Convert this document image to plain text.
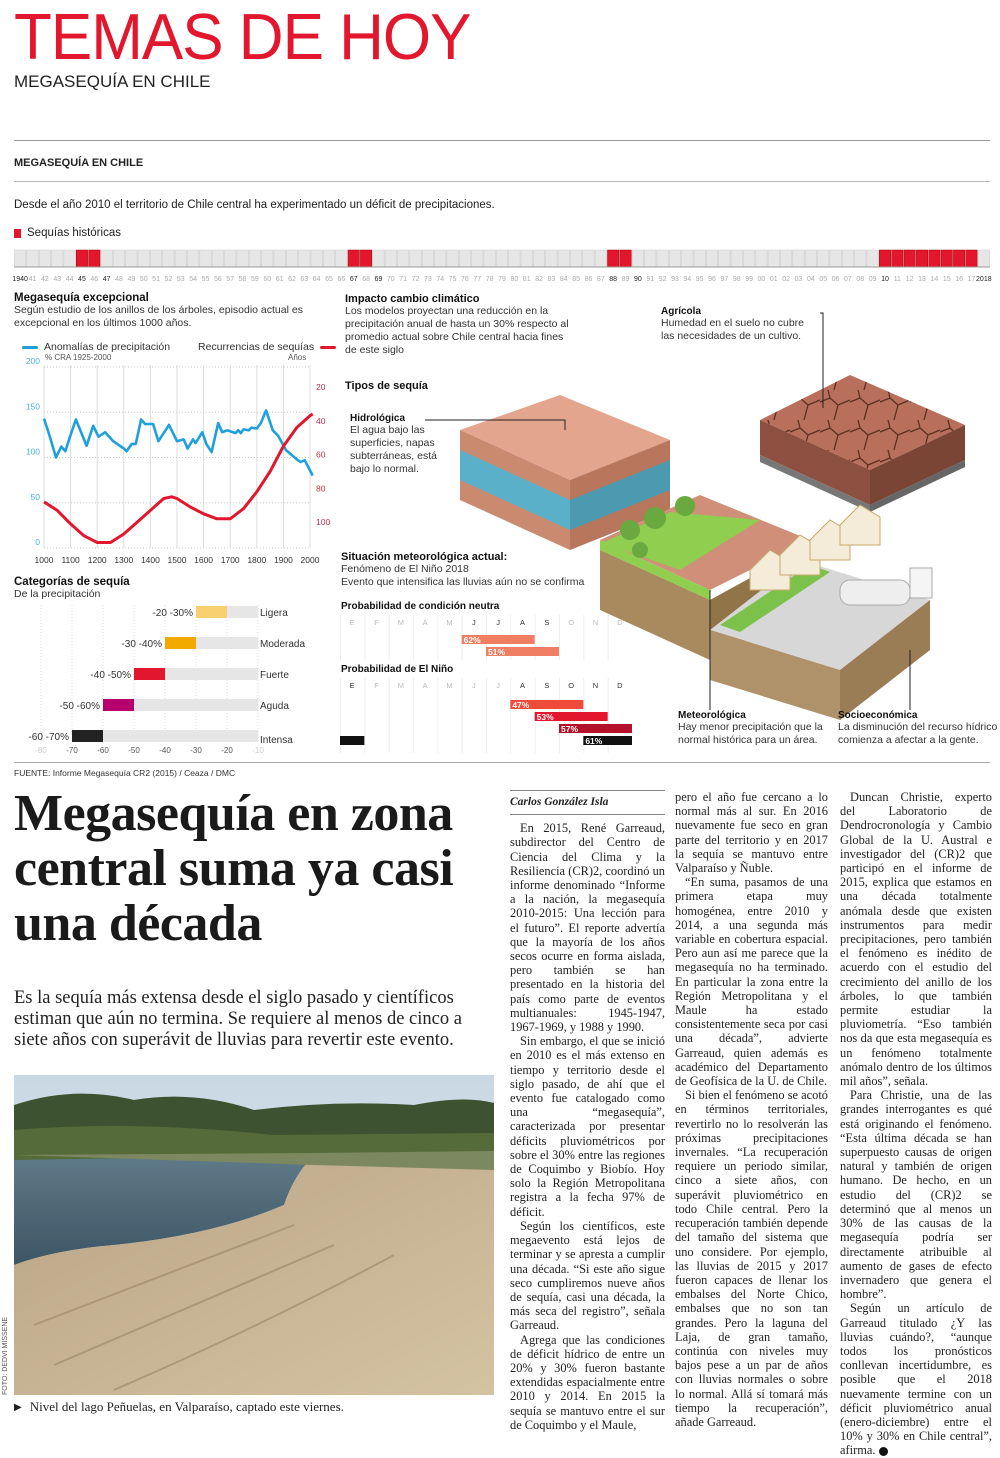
TEMAS DE HOY
MEGASEQUÍA EN CHILE
MEGASEQUÍA EN CHILE
Desde el año 2010 el territorio de Chile central ha experimentado un déficit de precipitaciones.
Sequías históricas
1940 41 42 43 44 45 46 47 48 49 50 51 52 53 54 55 56 57 58 59 60 61 62 63 64 65 66 67 68 69 70 71 72 73 74 75 76 77 78 79 80 81 82 83 84 85 86 87 88 89 90 91 92 93 94 95 96 97 98 99 00 01 02 03 04 05 06 07 08 09 10 11 12 13 14 15 16 17 2018
Megasequía excepcional
Según estudio de los anillos de los árboles, episodio actual es excepcional en los últimos 1000 años.
Anomalías de precipitación
% CRA 1925-2000
Recurrencias de sequías
Años
1000 1100 1200 1300 1400 1500 1600 1700 1800 1900 2000
0
50
100
150
200
20
40
60
80
100
Categorías de sequía
De la precipitación
-80 -70 -60 -50 -40 -30 -20 -10
-20 -30%	Ligera
-30 -40%	Moderada
-40 -50%	Fuerte
-50 -60%	Aguda
-60 -70%	Intensa
FUENTE: Informe Megasequía CR2 (2015) / Ceaza / DMC
Impacto cambio climático
Los modelos proyectan una reducción en la precipitación anual de hasta un 30% respecto al promedio actual sobre Chile central hacia fines de este siglo
Tipos de sequía
Hidrológica
El agua bajo las superficies, napas subterráneas, está bajo lo normal.
Agrícola
Humedad en el suelo no cubre las necesidades de un cultivo.
Meteorológica
Hay menor precipitación que la normal histórica para un área.
Socioeconómica
La disminución del recurso hídrico comienza a afectar a la gente.
Situación meteorológica actual:
Fenómeno de El Niño 2018
Evento que intensifica las lluvias aún no se confirma
Probabilidad de condición neutra
E	F	M A M	J	J	A	S	O N	D
62%
51%
Probabilidad de El Niño
E	F	M A M	J	J	A	S	O N	D
47%
53%
57%
61%
Megasequía en zona central suma ya casi una década
Es la sequía más extensa desde el siglo pasado y científicos estiman que aún no termina. Se requiere al menos de cinco a siete años con superávit de lluvias para revertir este evento.
FOTO: DEDVI MISSENE
▶ Nivel del lago Peñuelas, en Valparaíso, captado este viernes.
Carlos González Isla

En 2015, René Garreaud, subdirector del Centro de Ciencia del Clima y la Resiliencia (CR)2, coordinó un informe denominado “Informe a la nación, la megasequía 2010-2015: Una lección para el futuro”. El reporte advertía que la mayoría de los años secos ocurre en forma aislada, pero también se han presentado en la historia del país como parte de eventos multianuales: 1945-1947, 1967-1969, y 1988 y 1990.

Sin embargo, el que se inició en 2010 es el más extenso en tiempo y territorio desde el siglo pasado, de ahí que el evento fue catalogado como una “megasequía”, caracterizada por presentar déficits pluviométricos por sobre el 30% entre las regiones de Coquimbo y Biobío. Hoy solo la Región Metropolitana registra a la fecha 97% de déficit.

Según los científicos, este megaevento está lejos de terminar y se apresta a cumplir una década. “Si este año sigue seco cumpliremos nueve años de sequía, casi una década, la más seca del registro”, señala Garreaud.

Agrega que las condiciones de déficit hídrico de entre un 20% y 30% fueron bastante extendidas espacialmente entre 2010 y 2014. En 2015 la sequía se mantuvo entre el sur de Coquimbo y el Maule,

pero el año fue cercano a lo normal más al sur. En 2016 nuevamente fue seco en gran parte del territorio y en 2017 la sequía se mantuvo entre Valparaíso y Ñuble.

“En suma, pasamos de una primera etapa muy homogénea, entre 2010 y 2014, a una segunda más variable en cobertura espacial. Pero aun así me parece que la megasequía no ha terminado. En particular la zona entre la Región Metropolitana y el Maule ha estado consistentemente seca por casi una década”, advierte Garreaud, quien además es académico del Departamento de Geofísica de la U. de Chile.

Si bien el fenómeno se acotó en términos territoriales, revertirlo no lo resolverán las próximas precipitaciones invernales. “La recuperación requiere un periodo similar, cinco a siete años, con superávit pluviométrico en todo Chile central. Pero la recuperación también depende del tamaño del sistema que uno considere. Por ejemplo, las lluvias de 2015 y 2017 fueron capaces de llenar los embalses del Norte Chico, embalses que no son tan grandes. Pero la laguna del Laja, de gran tamaño, continúa con niveles muy bajos pese a un par de años con lluvias normales o sobre lo normal. Allá sí tomará más tiempo la recuperación”, añade Garreaud.

Duncan Christie, experto del Laboratorio de Dendrocronología y Cambio Global de la U. Austral e investigador del (CR)2 que participó en el informe de 2015, explica que estamos en una década totalmente anómala desde que existen instrumentos para medir precipitaciones, pero también el fenómeno es inédito de acuerdo con el estudio del crecimiento del anillo de los árboles, lo que también permite estudiar la pluviometría. “Eso también nos da que esta megasequía es un fenómeno totalmente anómalo dentro de los últimos mil años”, señala.

Para Christie, una de las grandes interrogantes es qué está originando el fenómeno. “Esta última década se han superpuesto causas de origen natural y también de origen humano. De hecho, en un estudio del (CR)2 se determinó que al menos un 30% de las causas de la megasequía podría ser directamente atribuible al aumento de gases de efecto invernadero que genera el hombre”.

Según un artículo de Garreaud titulado ¿Y las lluvias cuándo?, “aunque todos los pronósticos conllevan incertidumbre, es posible que el 2018 nuevamente termine con un déficit pluviométrico anual (enero-diciembre) entre el 10% y 30% en Chile central”, afirma.
